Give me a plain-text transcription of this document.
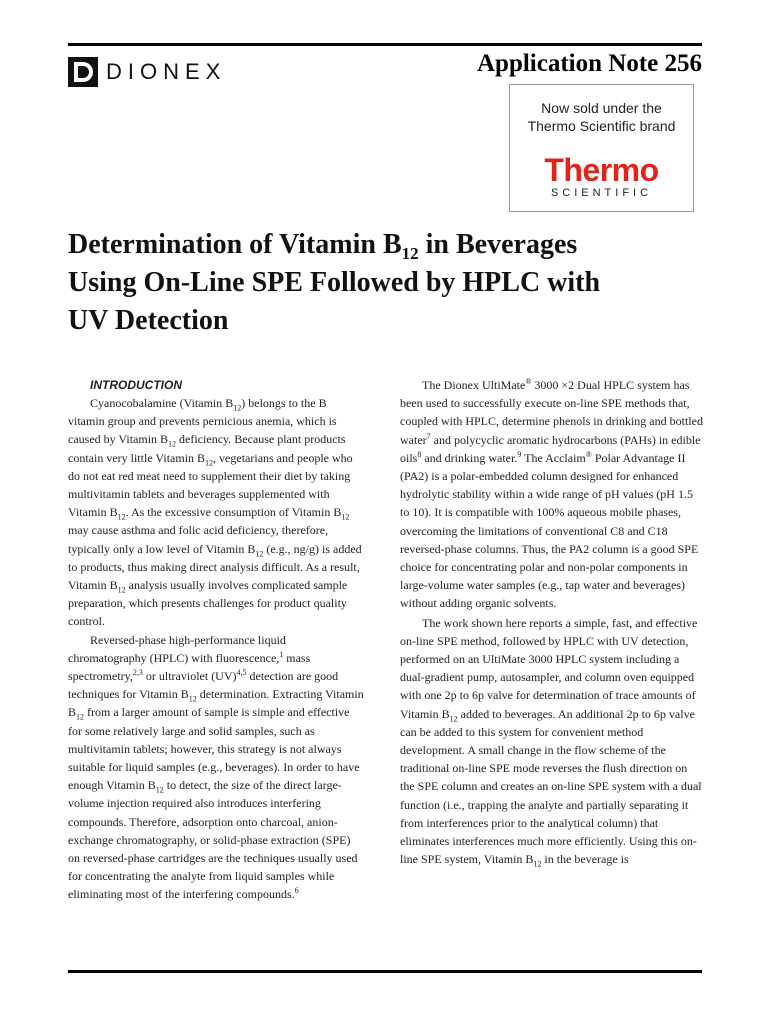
DIONEX	Application Note 256
Now sold under the
Thermo Scientific brand
Thermo
SCIENTIFIC
Determination of Vitamin $B_{12}$ in Beverages
Using On-Line SPE Followed by HPLC with
UV Detection

INTRODUCTION

Cyanocobalamine (Vitamin $B_{12}$) belongs to the B vitamin group and prevents pernicious anemia, which is caused by Vitamin $B_{12}$ deficiency. Because plant products contain very little Vitamin $B_{12}$, vegetarians and people who do not eat red meat need to supplement their diet by taking multivitamin tablets and beverages supplemented with Vitamin $B_{12}$. As the excessive consumption of Vitamin $B_{12}$ may cause asthma and folic acid deficiency, therefore, typically only a low level of Vitamin $B_{12}$ (e.g., ng/g) is added to products, thus making direct analysis difficult. As a result, Vitamin $B_{12}$ analysis usually involves complicated sample preparation, which presents challenges for product quality control.

Reversed-phase high-performance liquid chromatography (HPLC) with fluorescence,$^1$ mass spectrometry,$^{2,3}$ or ultraviolet (UV)$^{4,5}$ detection are good techniques for Vitamin $B_{12}$ determination. Extracting Vitamin $B_{12}$ from a larger amount of sample is simple and effective for some relatively large and solid samples, such as multivitamin tablets; however, this strategy is not always suitable for liquid samples (e.g., beverages). In order to have enough Vitamin $B_{12}$ to detect, the size of the direct large-volume injection required also introduces interfering compounds. Therefore, adsorption onto charcoal, anion-exchange chromatography, or solid-phase extraction (SPE) on reversed-phase cartridges are the techniques usually used for concentrating the analyte from liquid samples while eliminating most of the interfering compounds.$^6$

The Dionex UltiMate® 3000 ×2 Dual HPLC system has been used to successfully execute on-line SPE methods that, coupled with HPLC, determine phenols in drinking and bottled water$^7$ and polycyclic aromatic hydrocarbons (PAHs) in edible oils$^8$ and drinking water.$^9$ The Acclaim® Polar Advantage II (PA2) is a polar-embedded column designed for enhanced hydrolytic stability within a wide range of pH values (pH 1.5 to 10). It is compatible with 100% aqueous mobile phases, overcoming the limitations of conventional C8 and C18 reversed-phase columns. Thus, the PA2 column is a good SPE choice for concentrating polar and non-polar components in large-volume water samples (e.g., tap water and beverages) without adding organic solvents.

The work shown here reports a simple, fast, and effective on-line SPE method, followed by HPLC with UV detection, performed on an UltiMate 3000 HPLC system including a dual-gradient pump, autosampler, and column oven equipped with one 2p to 6p valve for determination of trace amounts of Vitamin $B_{12}$ added to beverages. An additional 2p to 6p valve can be added to this system for convenient method development. A small change in the flow scheme of the traditional on-line SPE mode reverses the flush direction on the SPE column and creates an on-line SPE system with a dual function (i.e., trapping the analyte and partially separating it from interferences prior to the analytical column) that eliminates interferences much more efficiently. Using this on-line SPE system, Vitamin $B_{12}$ in the beverage is
